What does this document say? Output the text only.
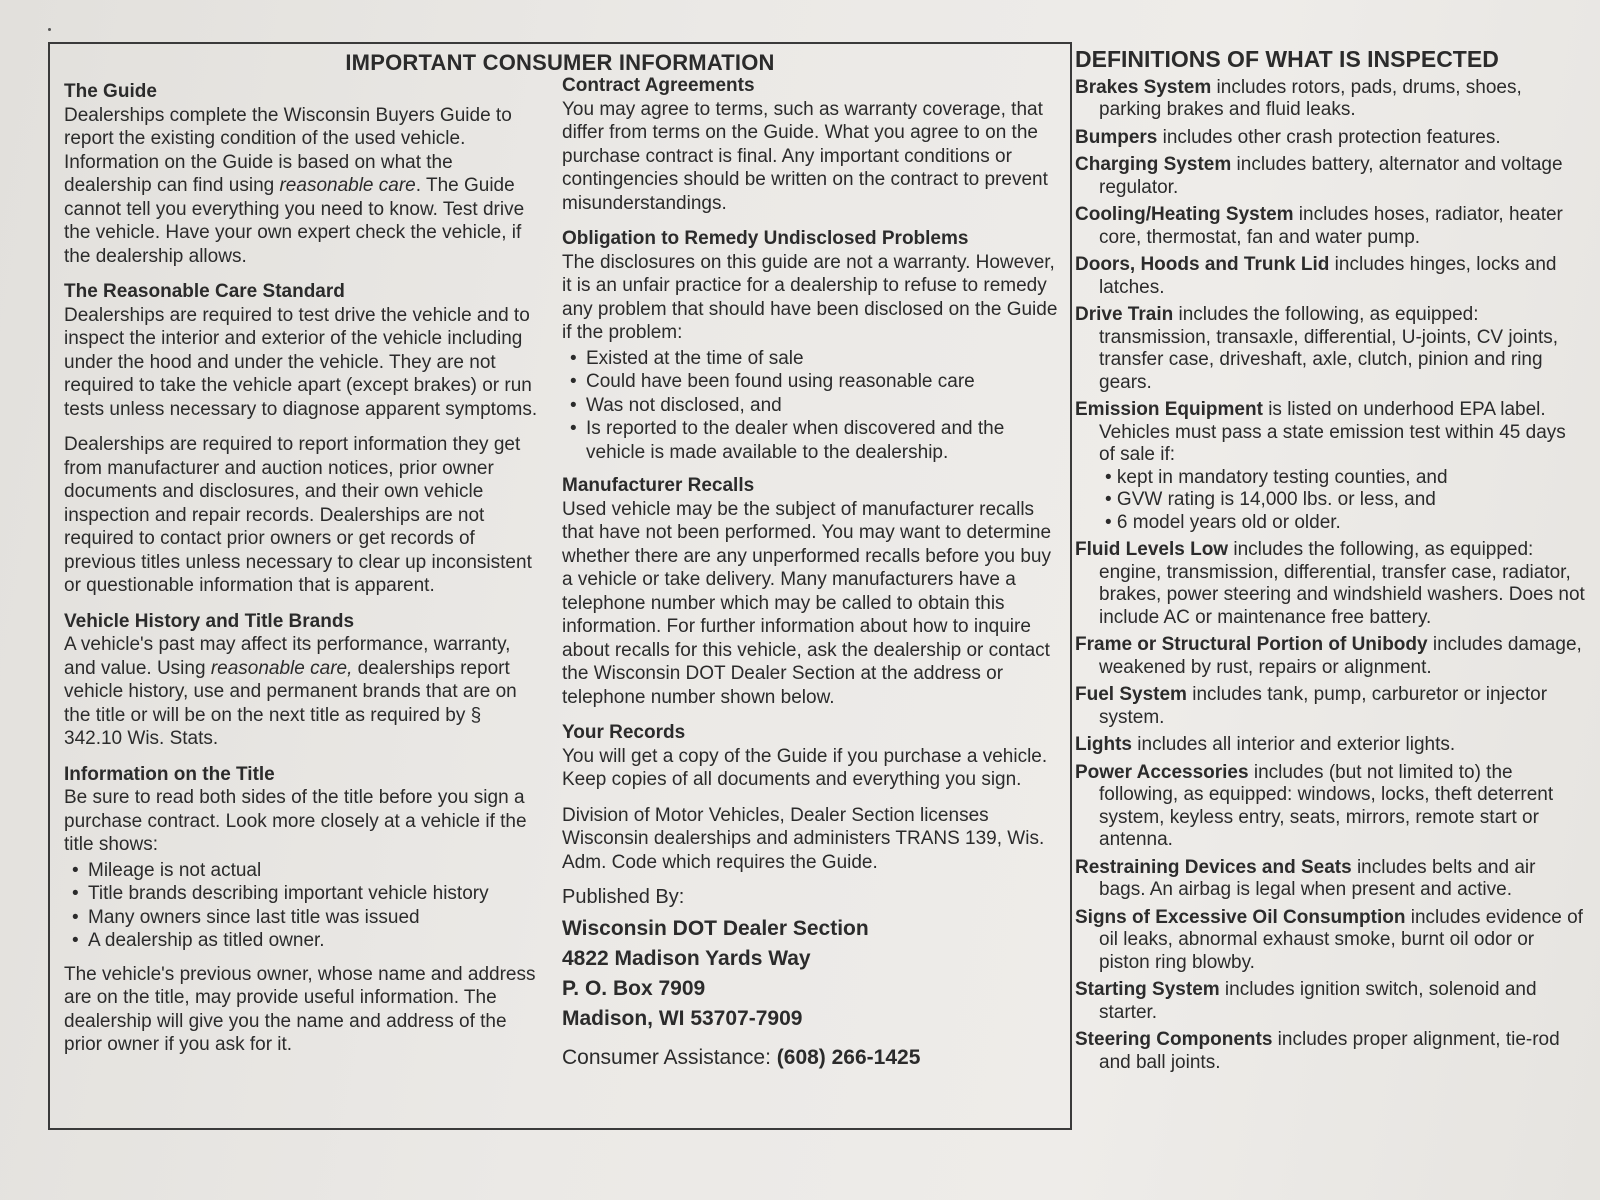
IMPORTANT CONSUMER INFORMATION
The Guide

Dealerships complete the Wisconsin Buyers Guide to report the existing condition of the used vehicle. Information on the Guide is based on what the dealership can find using reasonable care. The Guide cannot tell you everything you need to know. Test drive the vehicle. Have your own expert check the vehicle, if the dealership allows.

The Reasonable Care Standard

Dealerships are required to test drive the vehicle and to inspect the interior and exterior of the vehicle including under the hood and under the vehicle. They are not required to take the vehicle apart (except brakes) or run tests unless necessary to diagnose apparent symptoms.

Dealerships are required to report information they get from manufacturer and auction notices, prior owner documents and disclosures, and their own vehicle inspection and repair records. Dealerships are not required to contact prior owners or get records of previous titles unless necessary to clear up inconsistent or questionable information that is apparent.

Vehicle History and Title Brands

A vehicle's past may affect its performance, warranty, and value. Using reasonable care, dealerships report vehicle history, use and permanent brands that are on the title or will be on the next title as required by § 342.10 Wis. Stats.

Information on the Title

Be sure to read both sides of the title before you sign a purchase contract. Look more closely at a vehicle if the title shows:

• Mileage is not actual
• Title brands describing important vehicle history
• Many owners since last title was issued
• A dealership as titled owner.

The vehicle's previous owner, whose name and address are on the title, may provide useful information. The dealership will give you the name and address of the prior owner if you ask for it.

Contract Agreements

You may agree to terms, such as warranty coverage, that differ from terms on the Guide. What you agree to on the purchase contract is final. Any important conditions or contingencies should be written on the contract to prevent misunderstandings.

Obligation to Remedy Undisclosed Problems

The disclosures on this guide are not a warranty. However, it is an unfair practice for a dealership to refuse to remedy any problem that should have been disclosed on the Guide if the problem:

• Existed at the time of sale
• Could have been found using reasonable care
• Was not disclosed, and
• Is reported to the dealer when discovered and the vehicle is made available to the dealership.
Manufacturer Recalls

Used vehicle may be the subject of manufacturer recalls that have not been performed. You may want to determine whether there are any unperformed recalls before you buy a vehicle or take delivery. Many manufacturers have a telephone number which may be called to obtain this information. For further information about how to inquire about recalls for this vehicle, ask the dealership or contact the Wisconsin DOT Dealer Section at the address or telephone number shown below.

Your Records

You will get a copy of the Guide if you purchase a vehicle. Keep copies of all documents and everything you sign.

Division of Motor Vehicles, Dealer Section licenses Wisconsin dealerships and administers TRANS 139, Wis. Adm. Code which requires the Guide.

Published By:
Wisconsin DOT Dealer Section
4822 Madison Yards Way
P. O. Box 7909
Madison, WI 53707-7909
Consumer Assistance: (608) 266-1425
DEFINITIONS OF WHAT IS INSPECTED
Brakes System includes rotors, pads, drums, shoes, parking brakes and fluid leaks.
Bumpers includes other crash protection features.
Charging System includes battery, alternator and voltage regulator.
Cooling/Heating System includes hoses, radiator, heater core, thermostat, fan and water pump.
Doors, Hoods and Trunk Lid includes hinges, locks and latches.
Drive Train includes the following, as equipped: transmission, transaxle, differential, U-joints, CV joints, transfer case, driveshaft, axle, clutch, pinion and ring gears.
Emission Equipment is listed on underhood EPA label. Vehicles must pass a state emission test within 45 days of sale if:
• kept in mandatory testing counties, and
• GVW rating is 14,000 lbs. or less, and
• 6 model years old or older.
Fluid Levels Low includes the following, as equipped: engine, transmission, differential, transfer case, radiator, brakes, power steering and windshield washers. Does not include AC or maintenance free battery.
Frame or Structural Portion of Unibody includes damage, weakened by rust, repairs or alignment.
Fuel System includes tank, pump, carburetor or injector system.
Lights includes all interior and exterior lights.
Power Accessories includes (but not limited to) the following, as equipped: windows, locks, theft deterrent system, keyless entry, seats, mirrors, remote start or antenna.
Restraining Devices and Seats includes belts and air bags. An airbag is legal when present and active.
Signs of Excessive Oil Consumption includes evidence of oil leaks, abnormal exhaust smoke, burnt oil odor or piston ring blowby.
Starting System includes ignition switch, solenoid and starter.
Steering Components includes proper alignment, tie-rod and ball joints.
